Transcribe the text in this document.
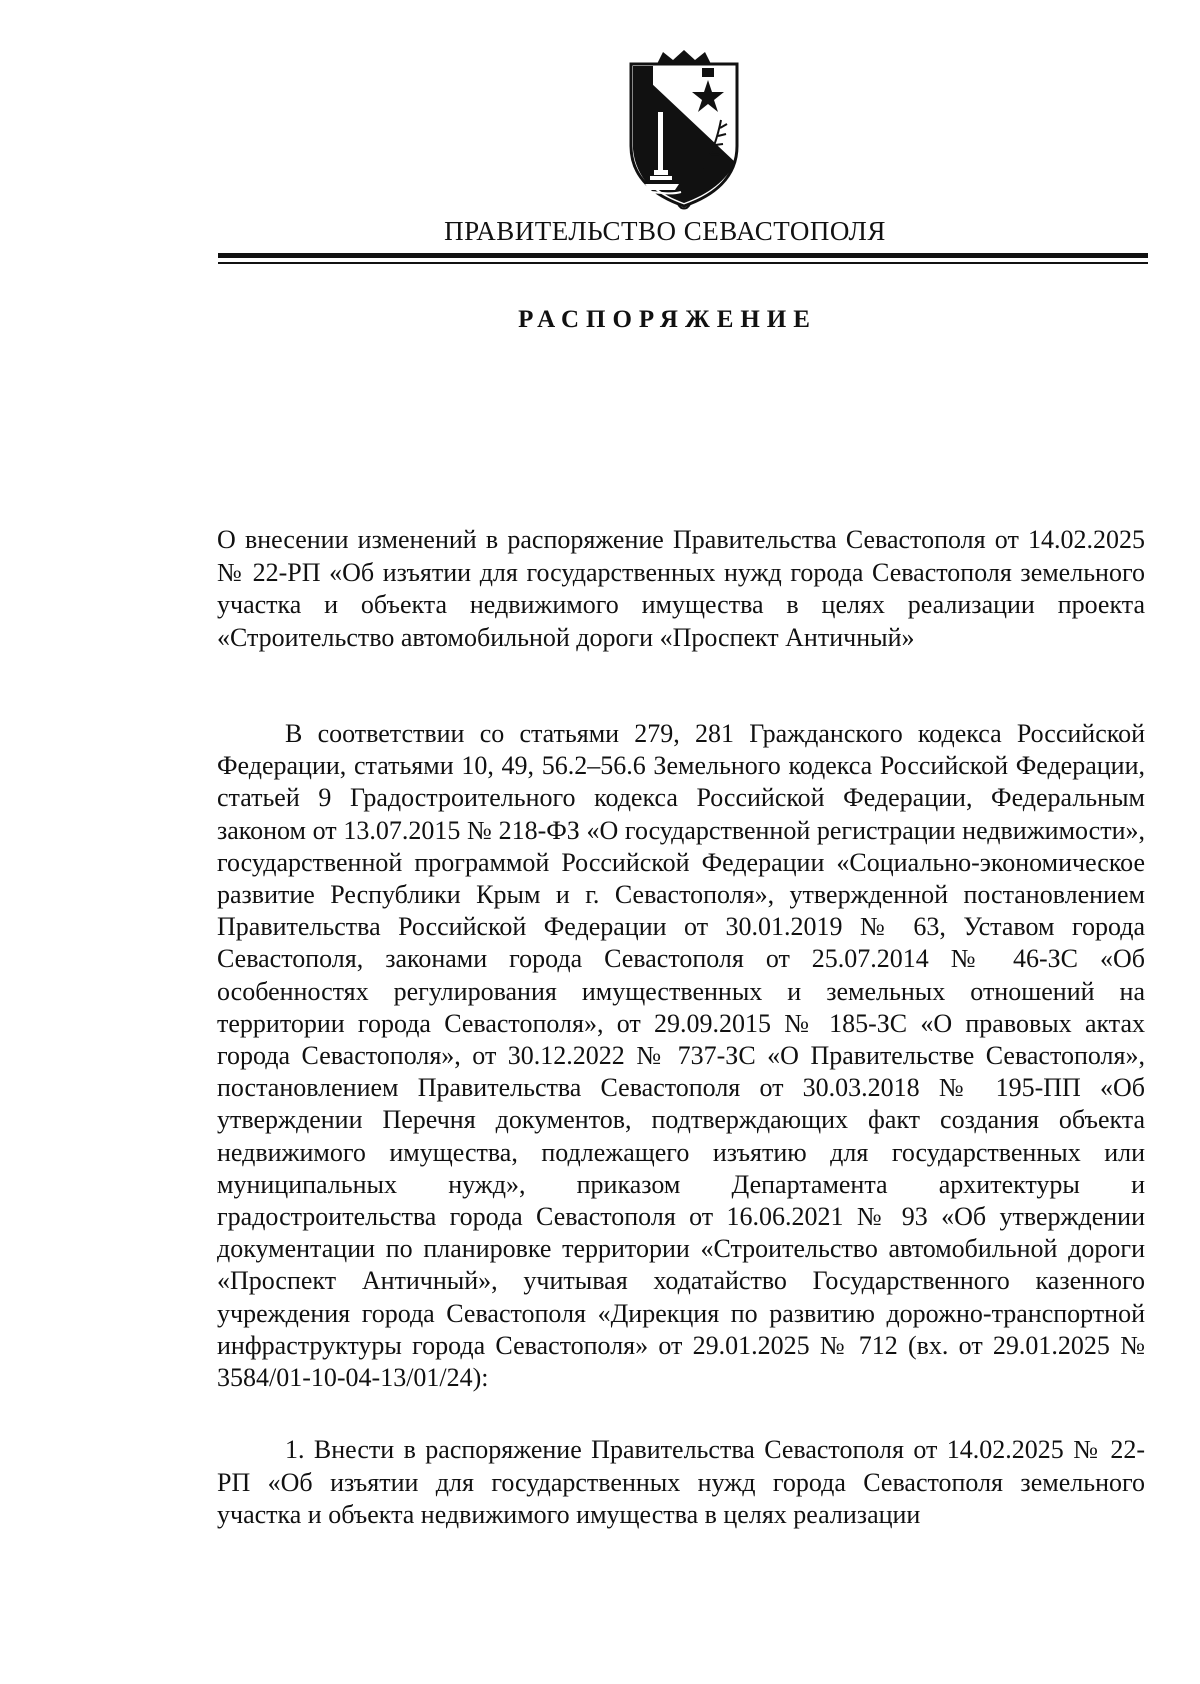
ПРАВИТЕЛЬСТВО СЕВАСТОПОЛЯ
РАСПОРЯЖЕНИЕ

О внесении изменений в распоряжение Правительства Севастополя от 14.02.2025 № 22-РП «Об изъятии для государственных нужд города Севастополя земельного участка и объекта недвижимого имущества в целях реализации проекта «Строительство автомобильной дороги «Проспект Античный»

В соответствии со статьями 279, 281 Гражданского кодекса Российской Федерации, статьями 10, 49, 56.2–56.6 Земельного кодекса Российской Федерации, статьей 9 Градостроительного кодекса Российской Федерации, Федеральным законом от 13.07.2015 № 218-ФЗ «О государственной регистрации недвижимости», государственной программой Российской Федерации «Социально-экономическое развитие Республики Крым и г. Севастополя», утвержденной постановлением Правительства Российской Федерации от 30.01.2019 № 63, Уставом города Севастополя, законами города Севастополя от 25.07.2014 № 46-ЗС «Об особенностях регулирования имущественных и земельных отношений на территории города Севастополя», от 29.09.2015 № 185-ЗС «О правовых актах города Севастополя», от 30.12.2022 № 737-ЗС «О Правительстве Севастополя», постановлением Правительства Севастополя от 30.03.2018 № 195-ПП «Об утверждении Перечня документов, подтверждающих факт создания объекта недвижимого имущества, подлежащего изъятию для государственных или муниципальных нужд», приказом Департамента архитектуры и градостроительства города Севастополя от 16.06.2021 № 93 «Об утверждении документации по планировке территории «Строительство автомобильной дороги «Проспект Античный», учитывая ходатайство Государственного казенного учреждения города Севастополя «Дирекция по развитию дорожно-транспортной инфраструктуры города Севастополя» от 29.01.2025 № 712 (вх. от 29.01.2025 № 3584/01-10-04-13/01/24):

1. Внести в распоряжение Правительства Севастополя от 14.02.2025 № 22-РП «Об изъятии для государственных нужд города Севастополя земельного участка и объекта недвижимого имущества в целях реализации
